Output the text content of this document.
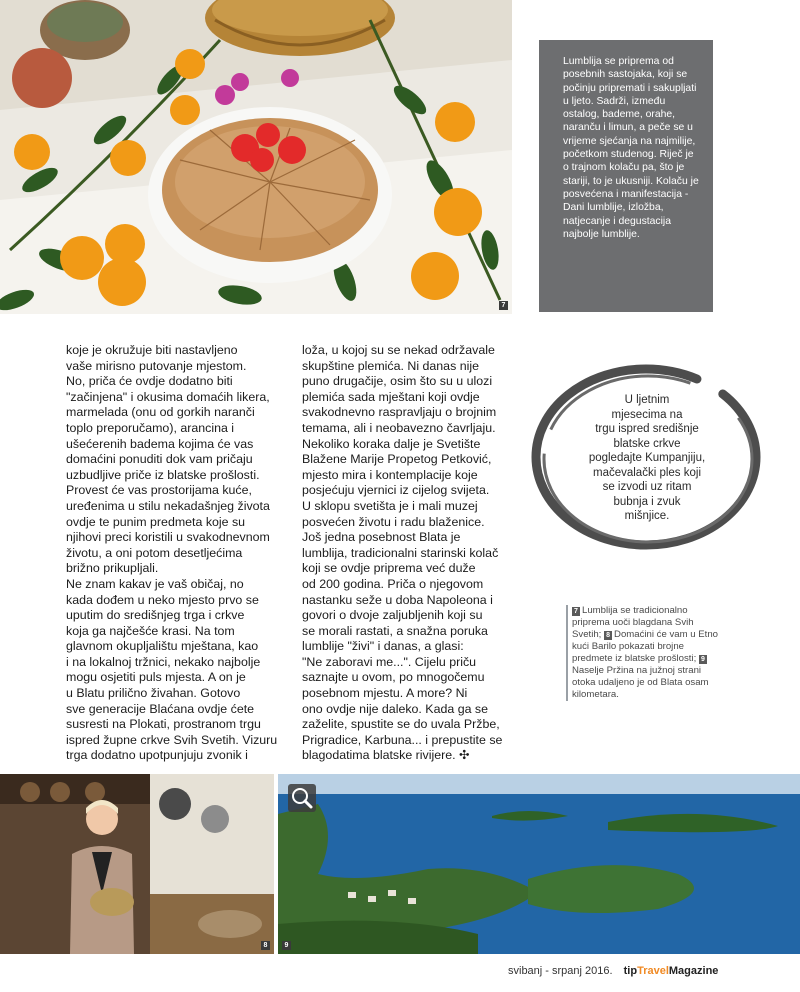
7

Lumblija se priprema od posebnih sastojaka, koji se počinju pripremati i sakupljati u ljeto. Sadrži, između ostalog, bademe, orahe, naranču i limun, a peče se u vrijeme sjećanja na najmilije, početkom studenog. Riječ je o trajnom kolaču pa, što je stariji, to je ukusniji. Kolaču je posvećena i manifestacija - Dani lumblije, izložba, natjecanje i degustacija najbolje lumblije.

koje je okružuje biti nastavljeno
vaše mirisno putovanje mjestom.
No, priča će ovdje dodatno biti
"začinjena" i okusima domaćih likera,
marmelada (onu od gorkih naranči
toplo preporučamo), arancina i
ušećerenih badema kojima će vas
domaćini ponuditi dok vam pričaju
uzbudljive priče iz blatske prošlosti.
Provest će vas prostorijama kuće,
uređenima u stilu nekadašnjeg života
ovdje te punim predmeta koje su
njihovi preci koristili u svakodnevnom
životu, a oni potom desetljećima
brižno prikupljali.
Ne znam kakav je vaš običaj, no
kada dođem u neko mjesto prvo se
uputim do središnjeg trga i crkve
koja ga najčešće krasi. Na tom
glavnom okupljalištu mještana, kao
i na lokalnoj tržnici, nekako najbolje
mogu osjetiti puls mjesta. A on je
u Blatu prilično živahan. Gotovo
sve generacije Blaćana ovdje ćete
susresti na Plokati, prostranom trgu
ispred župne crkve Svih Svetih. Vizuru
trga dodatno upotpunjuju zvonik i

loža, u kojoj su se nekad održavale
skupštine plemića. Ni danas nije
puno drugačije, osim što su u ulozi
plemića sada mještani koji ovdje
svakodnevno raspravljaju o brojnim
temama, ali i neobavezno čavrljaju.
Nekoliko koraka dalje je Svetište
Blažene Marije Propetog Petković,
mjesto mira i kontemplacije koje
posjećuju vjernici iz cijelog svijeta.
U sklopu svetišta je i mali muzej
posvećen životu i radu blaženice.
Još jedna posebnost Blata je
lumblija, tradicionalni starinski kolač
koji se ovdje priprema već duže
od 200 godina. Priča o njegovom
nastanku seže u doba Napoleona i
govori o dvoje zaljubljenih koji su
se morali rastati, a snažna poruka
lumblije "živi" i danas, a glasi:
"Ne zaboravi me...". Cijelu priču
saznajte u ovom, po mnogočemu
posebnom mjestu. A more? Ni
ono ovdje nije daleko. Kada ga se
zaželite, spustite se do uvala Pržbe,
Prigradice, Karbuna... i prepustite se
blagodatima blatske rivijere. ✣

U ljetnim
mjesecima na
trgu ispred središnje
blatske crkve
pogledajte Kumpanjiju,
mačevalački ples koji
se izvodi uz ritam
bubnja i zvuk
mišnjice.

7 Lumblija se tradicionalno priprema uoči blagdana Svih Svetih; 8 Domaćini će vam u Etno kući Barilo pokazati brojne predmete iz blatske prošlosti; 9Naselje Pržina na južnoj strani otoka udaljeno je od Blata osam kilometara.

8	9
svibanj - srpanj 2016. tipTravelMagazine
